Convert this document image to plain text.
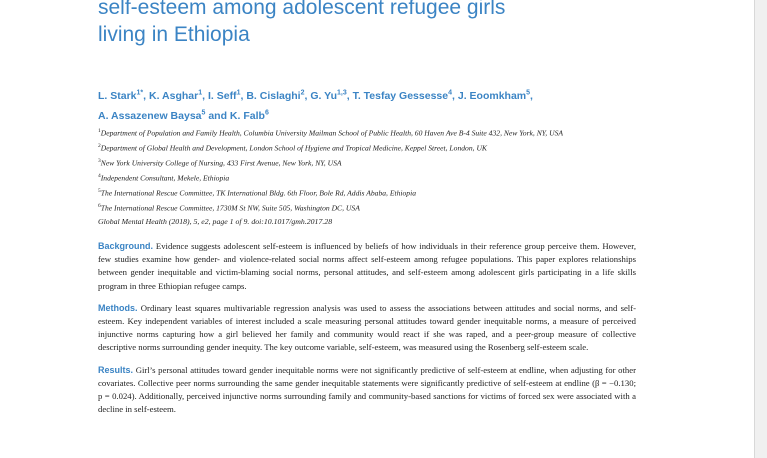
self-esteem among adolescent refugee girls
living in Ethiopia
L. Stark$^{1*}$, K. Asghar$^1$, I. Seff$^1$, B. Cislaghi$^2$, G. Yu$^{1,3}$, T. Tesfay Gessesse$^4$, J. Eoomkham$^5$,
A. Assazenew Baysa$^5$ and K. Falb$^6$
$^1$Department of Population and Family Health, Columbia University Mailman School of Public Health, 60 Haven Ave B-4 Suite 432, New York, NY, USA
$^2$Department of Global Health and Development, London School of Hygiene and Tropical Medicine, Keppel Street, London, UK
$^3$New York University College of Nursing, 433 First Avenue, New York, NY, USA
$^4$Independent Consultant, Mekele, Ethiopia
$^5$The International Rescue Committee, TK International Bldg. 6th Floor, Bole Rd, Addis Ababa, Ethiopia
$^6$The International Rescue Committee, 1730M St NW, Suite 505, Washington DC, USA
Global Mental Health (2018), 5, e2, page 1 of 9. doi:10.1017/gmh.2017.28

Background. Evidence suggests adolescent self-esteem is influenced by beliefs of how individuals in their reference group perceive them. However, few studies examine how gender- and violence-related social norms affect self-esteem among refugee populations. This paper explores relationships between gender inequitable and victim-blaming social norms, personal attitudes, and self-esteem among adolescent girls participating in a life skills program in three Ethiopian refugee camps.

Methods. Ordinary least squares multivariable regression analysis was used to assess the associations between attitudes and social norms, and self-esteem. Key independent variables of interest included a scale measuring personal attitudes toward gender inequitable norms, a measure of perceived injunctive norms capturing how a girl believed her family and community would react if she was raped, and a peer-group measure of collective descriptive norms surrounding gender inequity. The key outcome variable, self-esteem, was measured using the Rosenberg self-esteem scale.

Results. Girl’s personal attitudes toward gender inequitable norms were not significantly predictive of self-esteem at endline, when adjusting for other covariates. Collective peer norms surrounding the same gender inequitable statements were significantly predictive of self-esteem at endline (β = −0.130; p = 0.024). Additionally, perceived injunctive norms surrounding family and community-based sanctions for victims of forced sex were associated with a decline in self-esteem.
